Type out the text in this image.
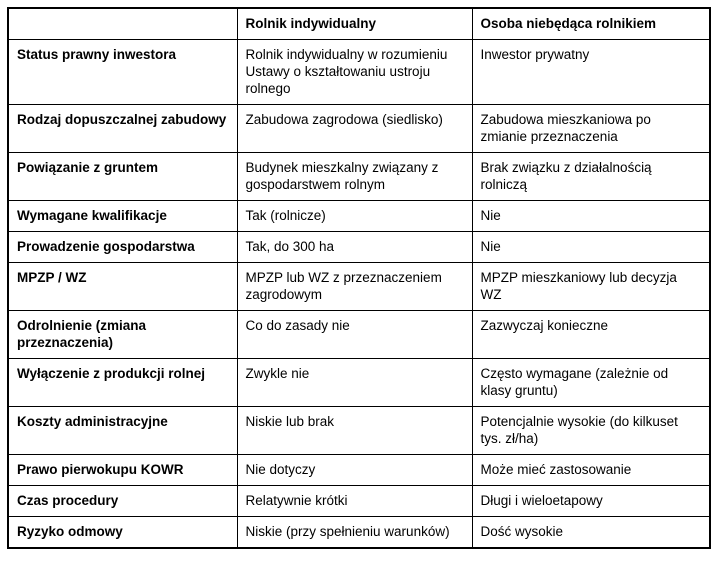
	Rolnik indywidualny	Osoba niebędąca rolnikiem
Status prawny inwestora	Rolnik indywidualny w rozumieniu Ustawy o kształtowaniu ustroju rolnego	Inwestor prywatny
Rodzaj dopuszczalnej zabudowy	Zabudowa zagrodowa (siedlisko)	Zabudowa mieszkaniowa po zmianie przeznaczenia
Powiązanie z gruntem	Budynek mieszkalny związany z gospodarstwem rolnym	Brak związku z działalnością rolniczą
Wymagane kwalifikacje	Tak (rolnicze)	Nie
Prowadzenie gospodarstwa	Tak, do 300 ha	Nie
MPZP / WZ	MPZP lub WZ z przeznaczeniem zagrodowym	MPZP mieszkaniowy lub decyzja WZ
Odrolnienie (zmiana przeznaczenia)	Co do zasady nie	Zazwyczaj konieczne
Wyłączenie z produkcji rolnej	Zwykle nie	Często wymagane (zależnie od klasy gruntu)
Koszty administracyjne	Niskie lub brak	Potencjalnie wysokie (do kilkuset tys. zł/ha)
Prawo pierwokupu KOWR	Nie dotyczy	Może mieć zastosowanie
Czas procedury	Relatywnie krótki	Długi i wieloetapowy
Ryzyko odmowy	Niskie (przy spełnieniu warunków)	Dość wysokie
